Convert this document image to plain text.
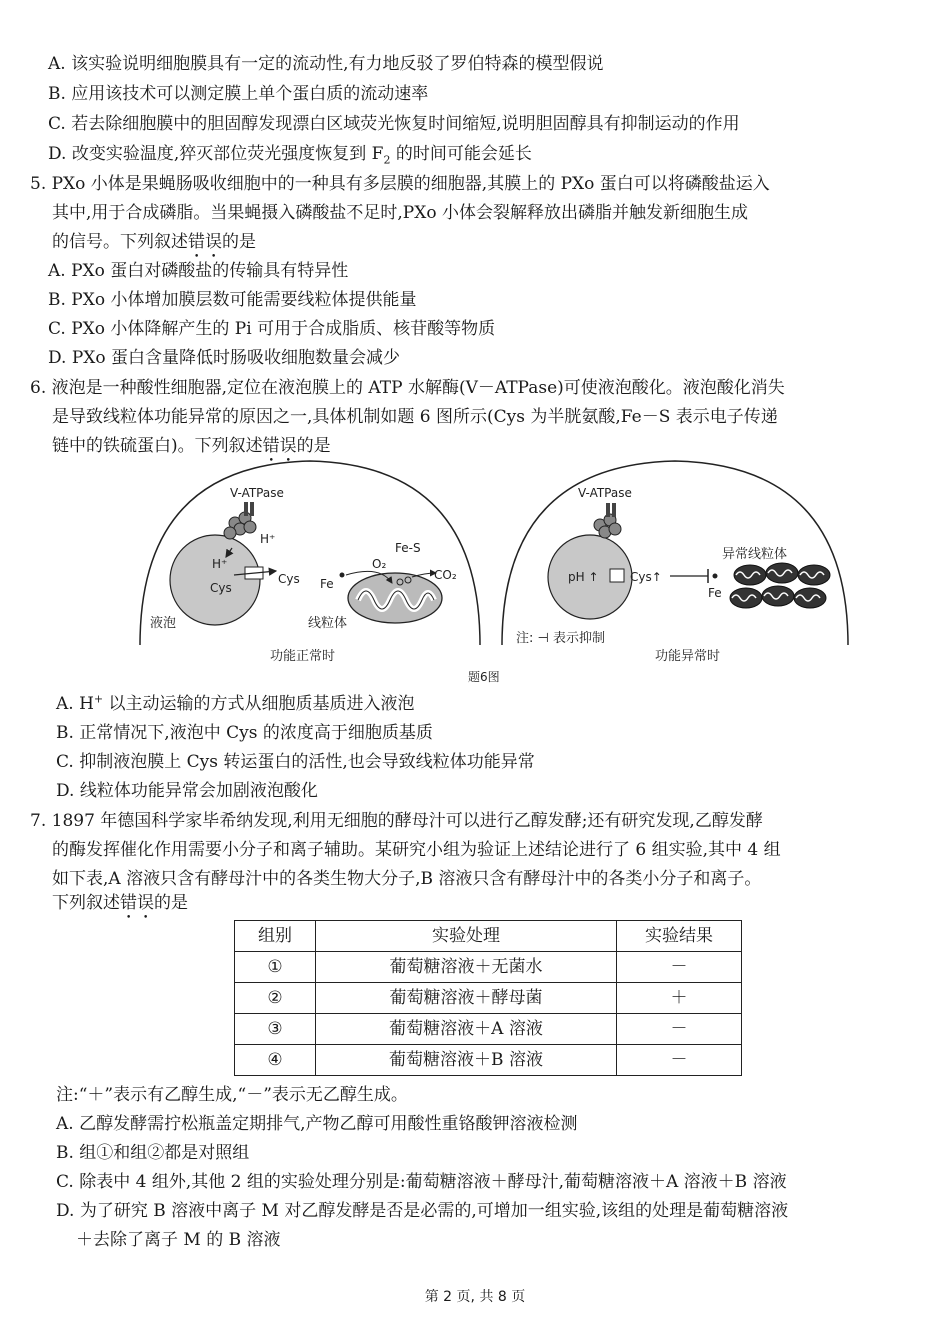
A. 该实验说明细胞膜具有一定的流动性,有力地反驳了罗伯特森的模型假说
B. 应用该技术可以测定膜上单个蛋白质的流动速率
C. 若去除细胞膜中的胆固醇发现漂白区域荧光恢复时间缩短,说明胆固醇具有抑制运动的作用
D. 改变实验温度,猝灭部位荧光强度恢复到 $F_2$ 的时间可能会延长
5. PXo 小体是果蝇肠吸收细胞中的一种具有多层膜的细胞器,其膜上的 PXo 蛋白可以将磷酸盐运入
其中,用于合成磷脂。当果蝇摄入磷酸盐不足时,PXo 小体会裂解释放出磷脂并触发新细胞生成
的信号。下列叙述错误的是
A. PXo 蛋白对磷酸盐的传输具有特异性
B. PXo 小体增加膜层数可能需要线粒体提供能量
C. PXo 小体降解产生的 Pi 可用于合成脂质、核苷酸等物质
D. PXo 蛋白含量降低时肠吸收细胞数量会减少
6. 液泡是一种酸性细胞器,定位在液泡膜上的 ATP 水解酶(V－ATPase)可使液泡酸化。液泡酸化消失
是导致线粒体功能异常的原因之一,具体机制如题 6 图所示(Cys 为半胱氨酸,Fe－S 表示电子传递
链中的铁硫蛋白)。下列叙述错误的是
V-ATPase
H⁺
H⁺
Cys
Cys Fe
O₂
Fe-S
CO₂
液泡	线粒体
功能正常时
V-ATPase
pH ↑	Cys↑
Fe
异常线粒体
注: ⊣ 表示抑制
功能异常时
题6图
A. H+ 以主动运输的方式从细胞质基质进入液泡
B. 正常情况下,液泡中 Cys 的浓度高于细胞质基质
C. 抑制液泡膜上 Cys 转运蛋白的活性,也会导致线粒体功能异常
D. 线粒体功能异常会加剧液泡酸化
7. 1897 年德国科学家毕希纳发现,利用无细胞的酵母汁可以进行乙醇发酵;还有研究发现,乙醇发酵
的酶发挥催化作用需要小分子和离子辅助。某研究小组为验证上述结论进行了 6 组实验,其中 4 组
如下表,A 溶液只含有酵母汁中的各类生物大分子,B 溶液只含有酵母汁中的各类小分子和离子。
下列叙述错误的是
组别	实验处理	实验结果
①	葡萄糖溶液＋无菌水	－
②	葡萄糖溶液＋酵母菌	＋
③	葡萄糖溶液＋A 溶液	－
④	葡萄糖溶液＋B 溶液	－
注:“＋”表示有乙醇生成,“－”表示无乙醇生成。
A. 乙醇发酵需拧松瓶盖定期排气,产物乙醇可用酸性重铬酸钾溶液检测
B. 组①和组②都是对照组
C. 除表中 4 组外,其他 2 组的实验处理分别是:葡萄糖溶液＋酵母汁,葡萄糖溶液＋A 溶液＋B 溶液
D. 为了研究 B 溶液中离子 M 对乙醇发酵是否是必需的,可增加一组实验,该组的处理是葡萄糖溶液
＋去除了离子 M 的 B 溶液
第 2 页, 共 8 页
